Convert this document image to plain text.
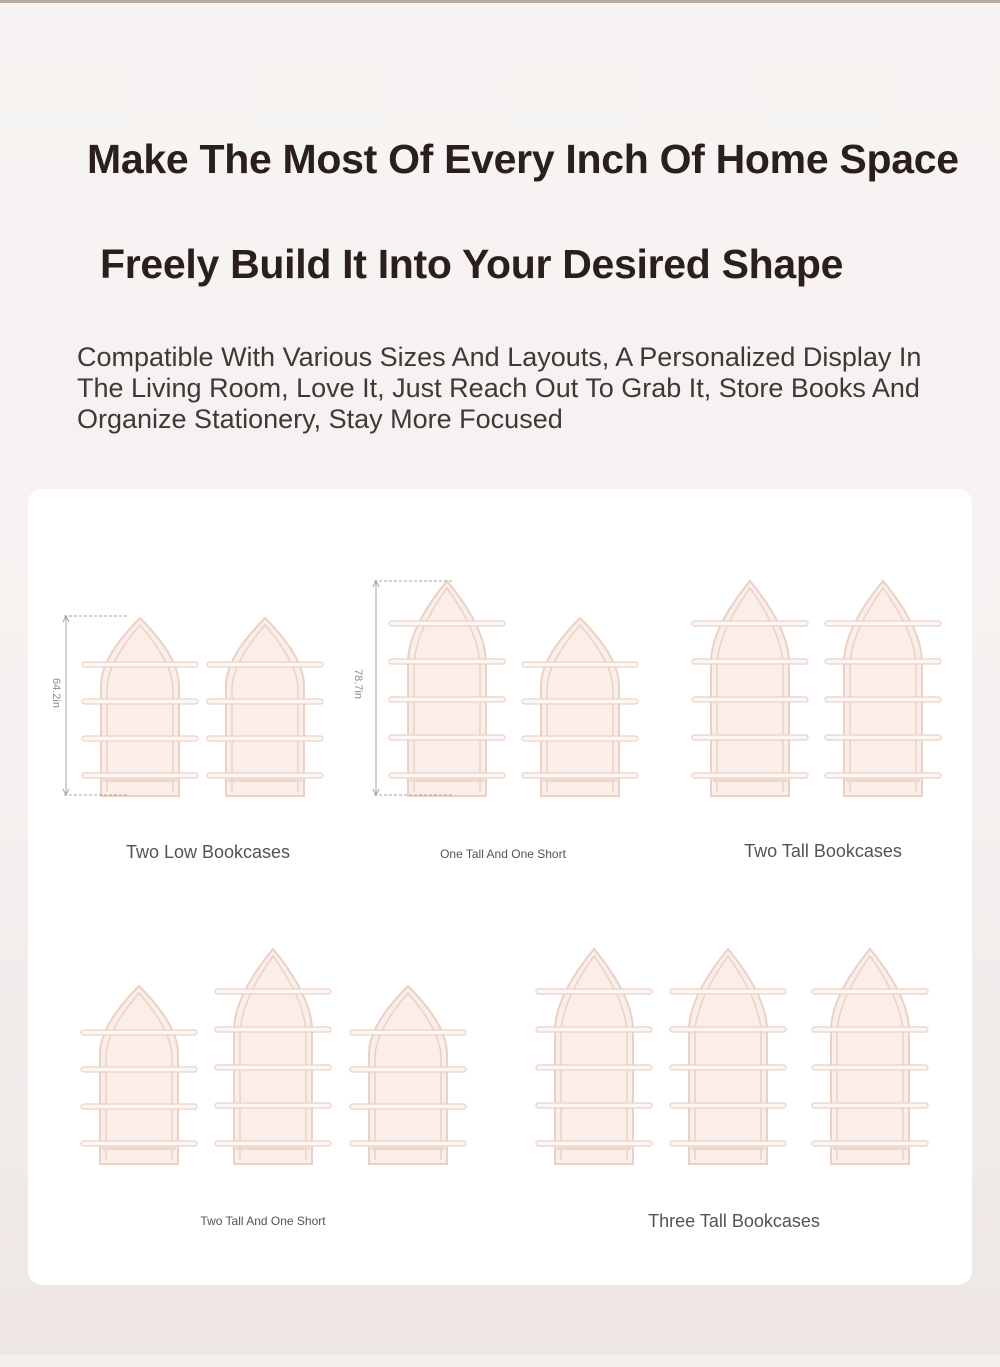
Make The Most Of Every Inch Of Home Space
Freely Build It Into Your Desired Shape

Compatible With Various Sizes And Layouts, A Personalized Display In The Living Room, Love It, Just Reach Out To Grab It, Store Books And Organize Stationery, Stay More Focused

64.2in	78.7in
Two Low Bookcases	One Tall And One Short	Two Tall Bookcases
Two Tall And One Short	Three Tall Bookcases
